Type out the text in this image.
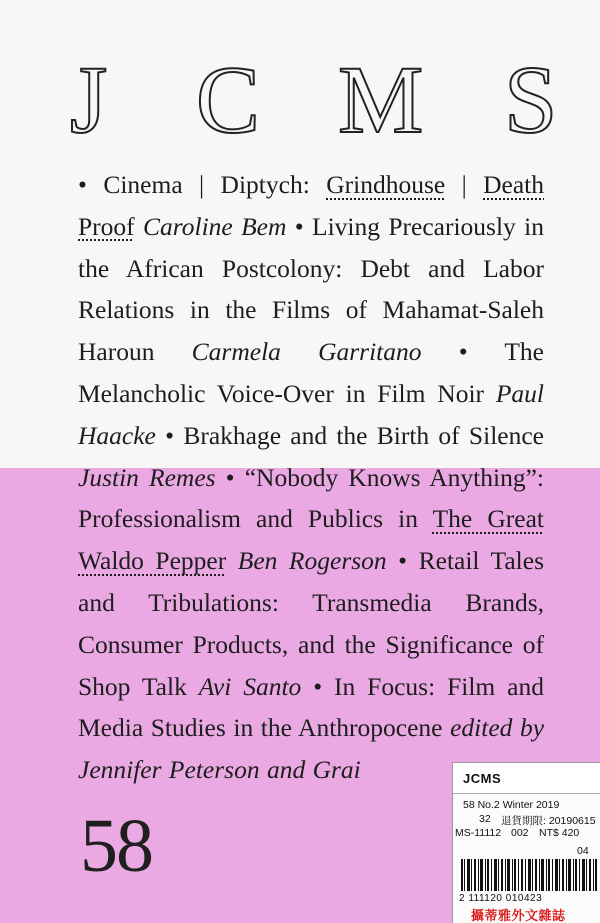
J C M S

• Cinema | Diptych: Grindhouse | Death Proof Caroline Bem • Living Precariously in the African Postcolony: Debt and Labor Relations in the Films of Mahamat-Saleh Haroun Carmela Garritano • The Melancholic Voice-Over in Film Noir Paul Haacke • Brakhage and the Birth of Silence Justin Remes • “Nobody Knows Anything”: Professionalism and Publics in The Great Waldo Pepper Ben Rogerson • Retail Tales and Tribulations: Transmedia Brands, Consumer Products, and the Significance of Shop Talk Avi Santo • In Focus: Film and Media Studies in the Anthropocene edited by Jennifer Peterson and Grai

58
JCMS
58 No.2 Winter 2019
32 退貨期限: 20190615
MS-11112 002 NT$ 420
04
2 111120 010423
攝蒂雅外文雜誌
